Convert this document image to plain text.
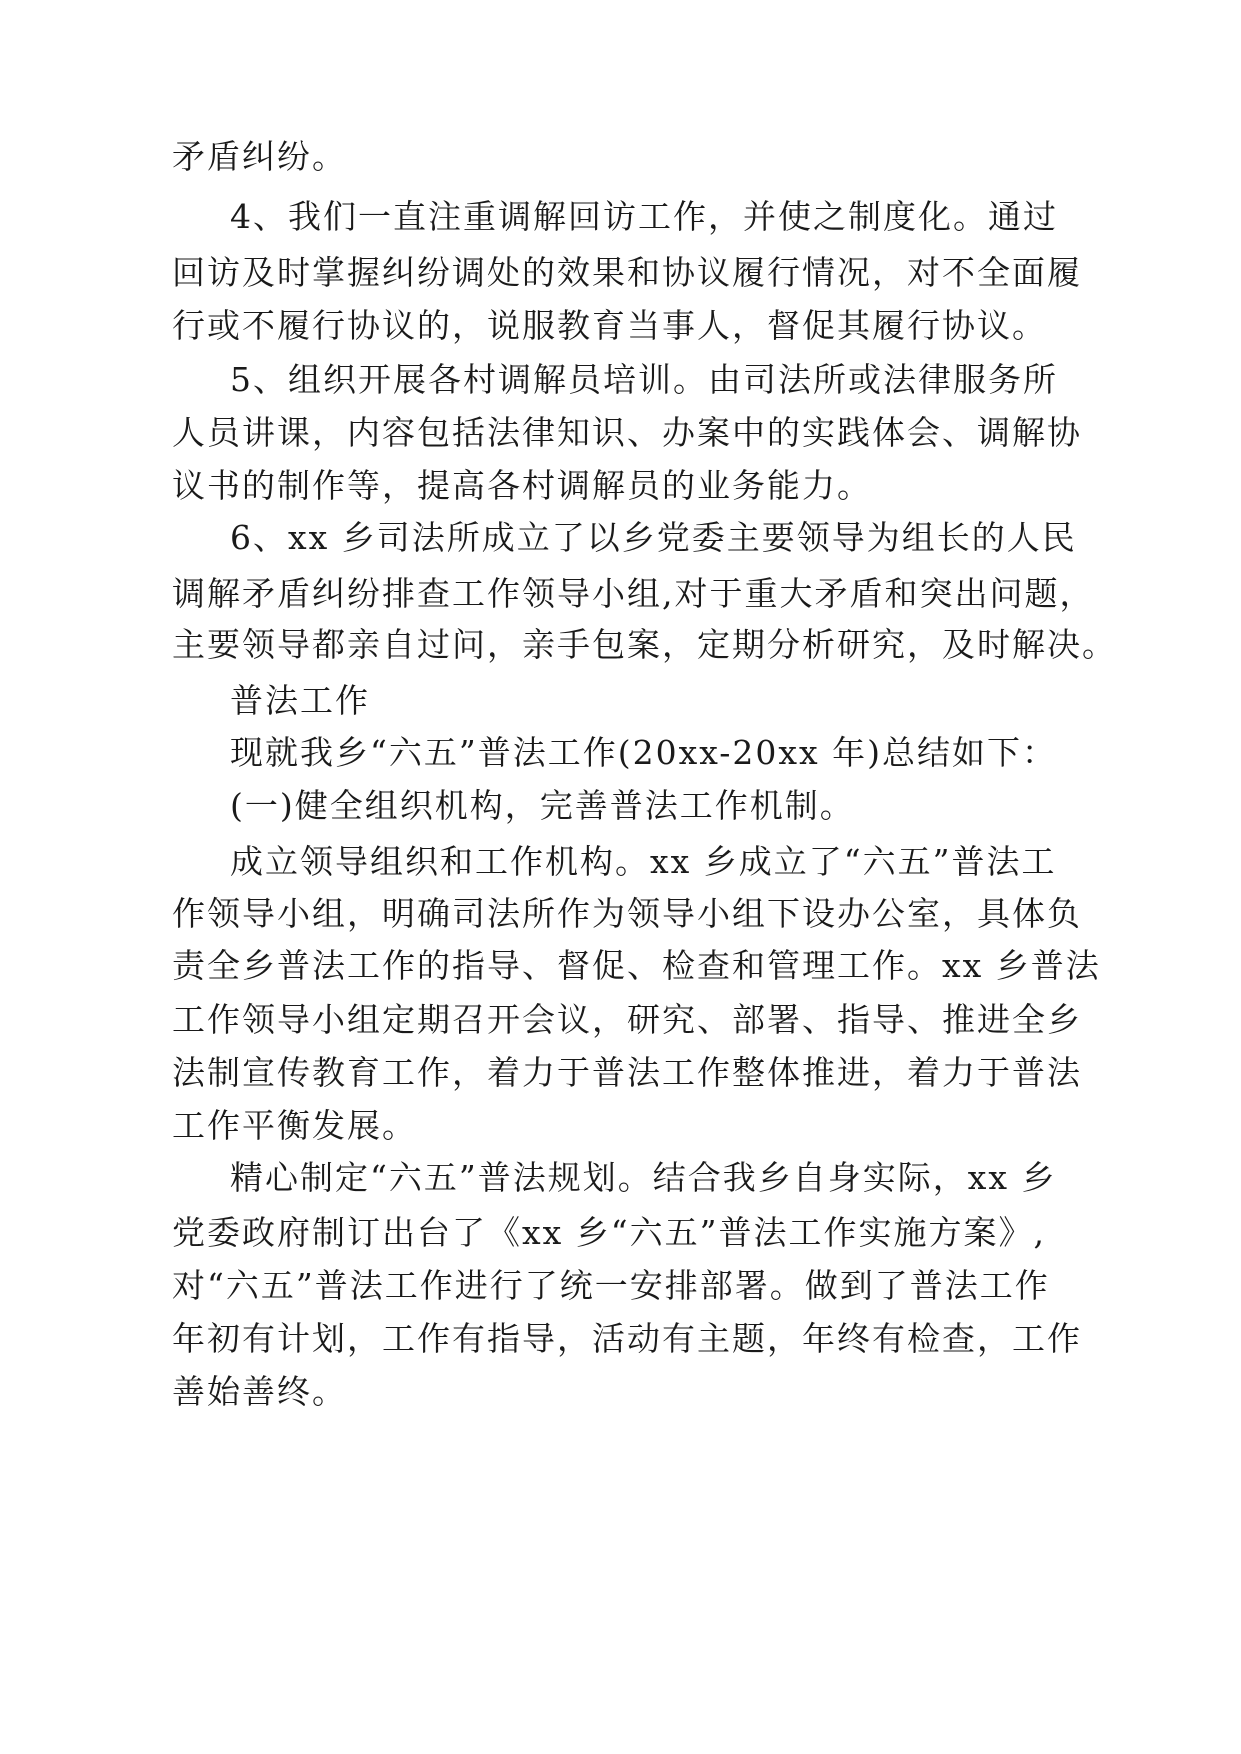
矛盾纠纷。
4、我们一直注重调解回访工作，并使之制度化。通过
回访及时掌握纠纷调处的效果和协议履行情况，对不全面履
行或不履行协议的，说服教育当事人，督促其履行协议。
5、组织开展各村调解员培训。由司法所或法律服务所
人员讲课，内容包括法律知识、办案中的实践体会、调解协
议书的制作等，提高各村调解员的业务能力。
6、xx 乡司法所成立了以乡党委主要领导为组长的人民
调解矛盾纠纷排查工作领导小组,对于重大矛盾和突出问题，
主要领导都亲自过问，亲手包案，定期分析研究，及时解决。
普法工作
现就我乡“六五”普法工作(20xx-20xx 年)总结如下：
(一)健全组织机构，完善普法工作机制。
成立领导组织和工作机构。xx 乡成立了“六五”普法工
作领导小组，明确司法所作为领导小组下设办公室，具体负
责全乡普法工作的指导、督促、检查和管理工作。xx 乡普法
工作领导小组定期召开会议，研究、部署、指导、推进全乡
法制宣传教育工作，着力于普法工作整体推进，着力于普法
工作平衡发展。
精心制定“六五”普法规划。结合我乡自身实际，xx 乡
党委政府制订出台了《xx 乡“六五”普法工作实施方案》,
对“六五”普法工作进行了统一安排部署。做到了普法工作
年初有计划，工作有指导，活动有主题，年终有检查，工作
善始善终。
